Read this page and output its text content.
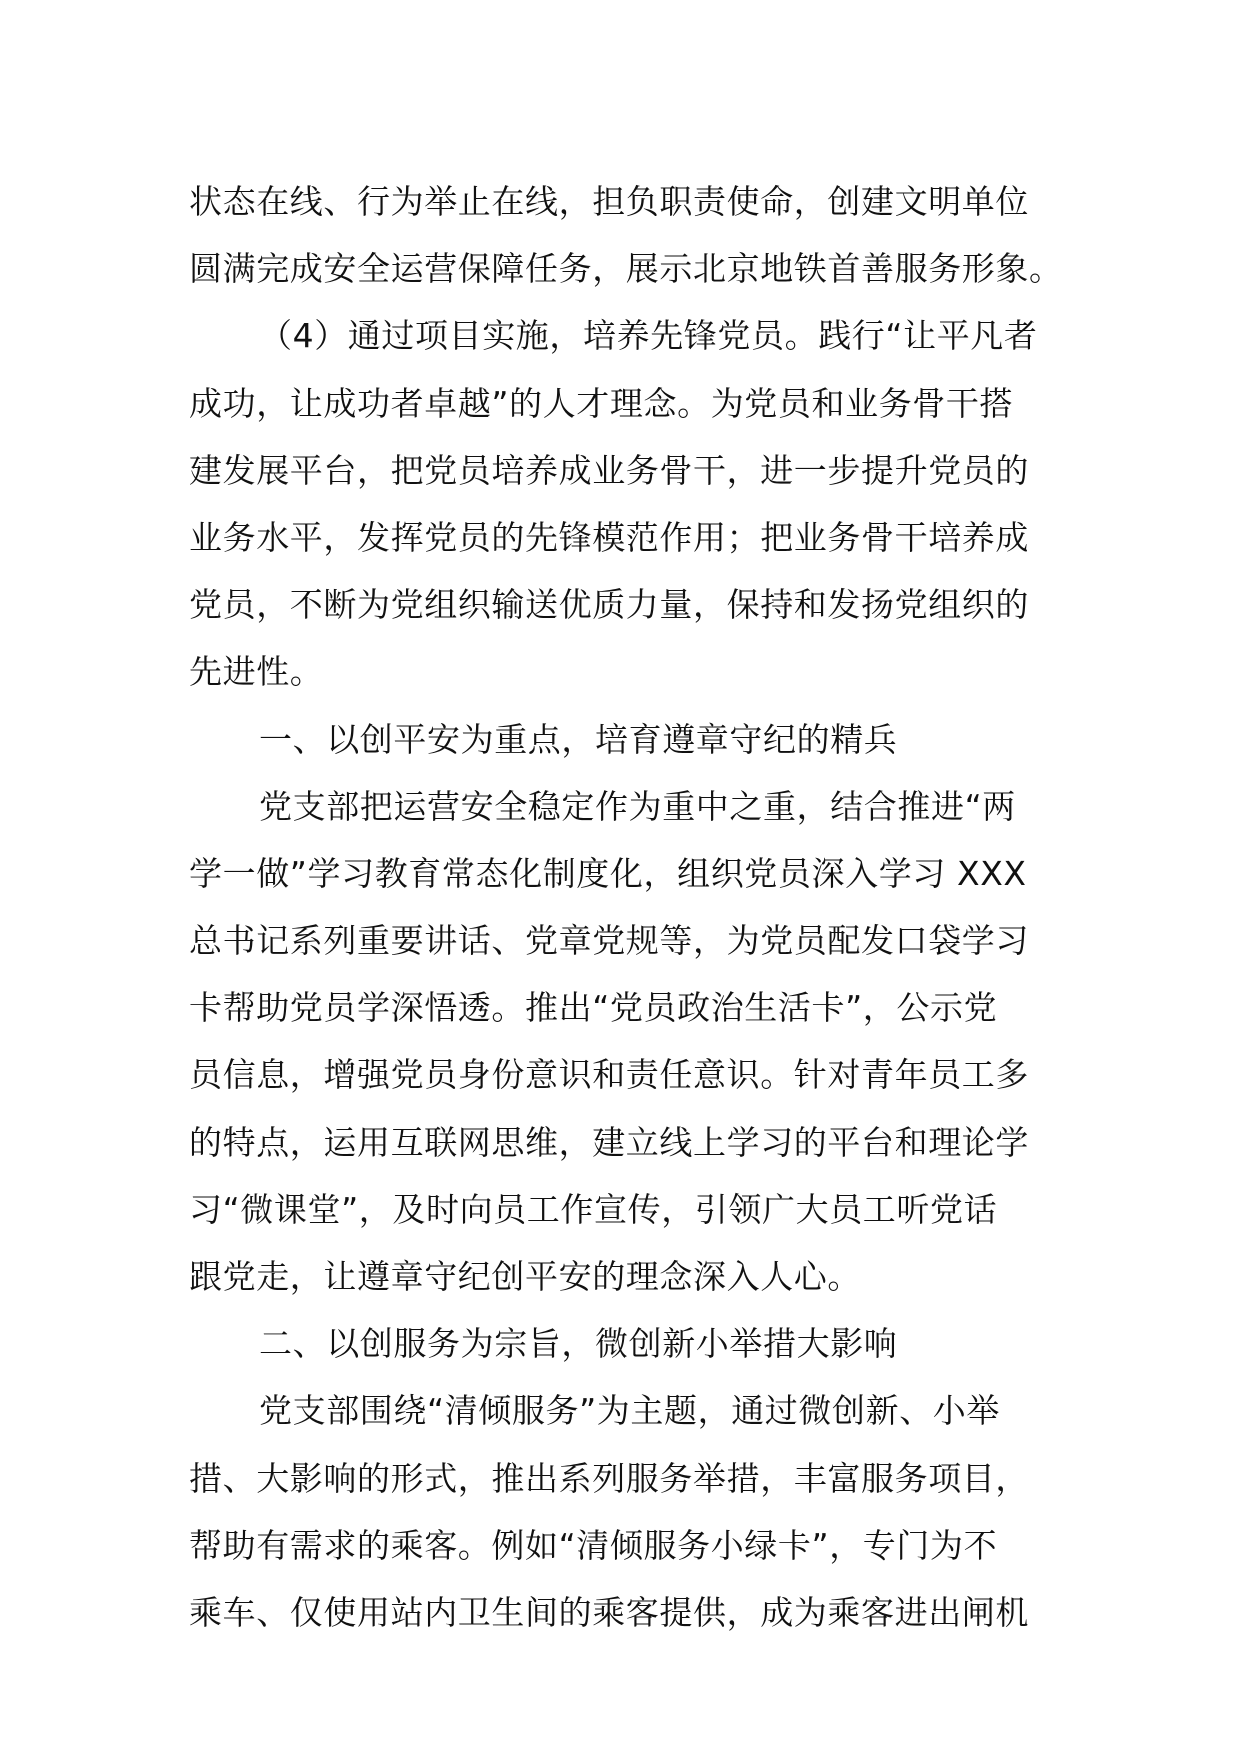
状态在线、行为举止在线，担负职责使命，创建文明单位
圆满完成安全运营保障任务，展示北京地铁首善服务形象。
（4）通过项目实施，培养先锋党员。践行“让平凡者
成功，让成功者卓越”的人才理念。为党员和业务骨干搭
建发展平台，把党员培养成业务骨干，进一步提升党员的
业务水平，发挥党员的先锋模范作用；把业务骨干培养成
党员，不断为党组织输送优质力量，保持和发扬党组织的
先进性。
一、以创平安为重点，培育遵章守纪的精兵
党支部把运营安全稳定作为重中之重，结合推进“两
学一做”学习教育常态化制度化，组织党员深入学习 XXX
总书记系列重要讲话、党章党规等，为党员配发口袋学习
卡帮助党员学深悟透。推出“党员政治生活卡”，公示党
员信息，增强党员身份意识和责任意识。针对青年员工多
的特点，运用互联网思维，建立线上学习的平台和理论学
习“微课堂”，及时向员工作宣传，引领广大员工听党话
跟党走，让遵章守纪创平安的理念深入人心。
二、以创服务为宗旨，微创新小举措大影响
党支部围绕“清倾服务”为主题，通过微创新、小举
措、大影响的形式，推出系列服务举措，丰富服务项目，
帮助有需求的乘客。例如“清倾服务小绿卡”，专门为不
乘车、仅使用站内卫生间的乘客提供，成为乘客进出闸机
